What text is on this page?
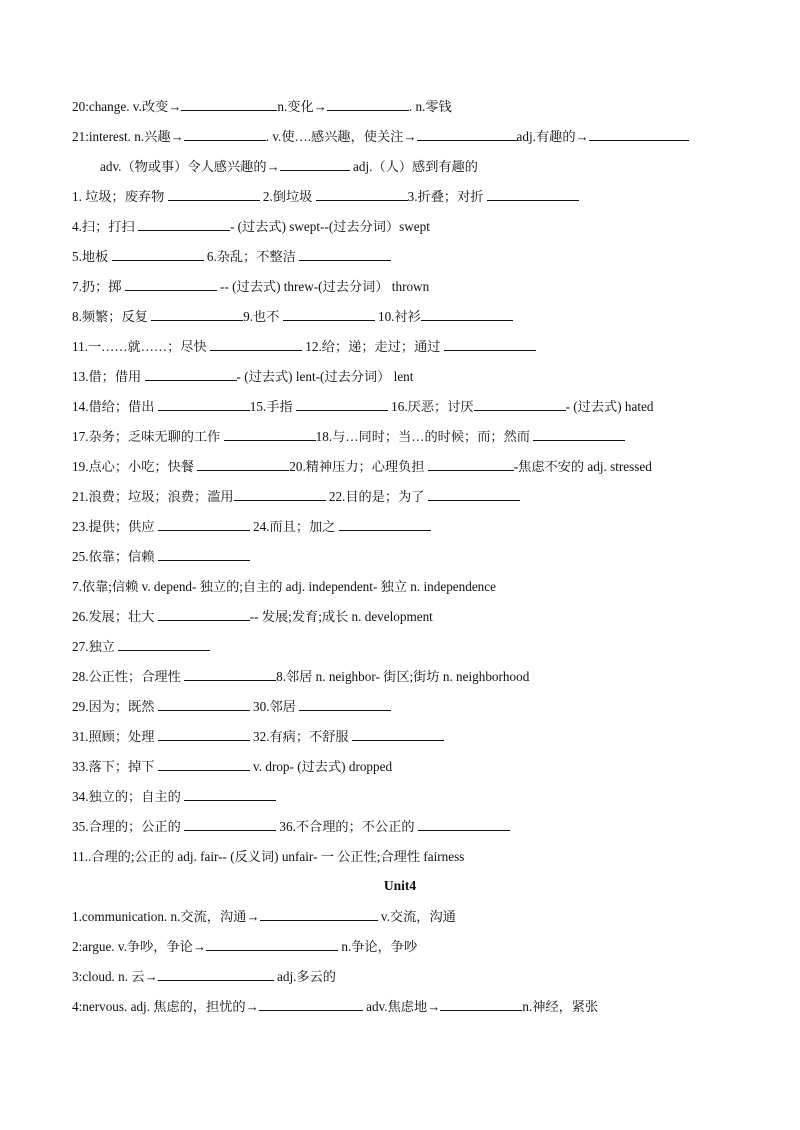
20:change. v.改变→	n.变化→	. n.零钱
21:interest. n.兴趣→	. v.使….感兴趣，使关注→	adj.有趣的→
adv.（物或事）令人感兴趣的→	adj.（人）感到有趣的
1. 垃圾；废弃物	2.倒垃圾	3.折叠；对折
4.扫；打扫	- (过去式) swept--(过去分词）swept
5.地板	6.杂乱；不整洁
7.扔；掷	-- (过去式) threw-(过去分词） thrown
8.频繁；反复	9.也不	10.衬衫
11.一……就……；尽快	12.给；递；走过；通过
13.借；借用	- (过去式) lent-(过去分词） lent
14.借给；借出	15.手指	16.厌恶；讨厌	- (过去式) hated
17.杂务；乏味无聊的工作	18.与…同时；当…的时候；而；然而
19.点心；小吃；快餐	20.精神压力；心理负担	-焦虑不安的 adj. stressed
21.浪费；垃圾；浪费；滥用	22.目的是；为了
23.提供；供应	24.而且；加之
25.依靠；信赖
7.依靠;信赖 v. depend- 独立的;自主的 adj. independent- 独立 n. independence
26.发展；壮大	-- 发展;发育;成长 n. development
27.独立
28.公正性；合理性	8.邻居 n. neighbor- 街区;街坊 n. neighborhood
29.因为；既然	30.邻居
31.照顾；处理	32.有病；不舒服
33.落下；掉下	v. drop- (过去式) dropped
34.独立的；自主的
35.合理的；公正的	36.不合理的；不公正的
11..合理的;公正的 adj. fair-- (反义词) unfair- 一 公正性;合理性 fairness
Unit4
1.communication. n.交流，沟通→	v.交流，沟通
2:argue. v.争吵，争论→	n.争论，争吵
3:cloud. n. 云→	adj.多云的
4:nervous. adj. 焦虑的，担忧的→	adv.焦虑地→	n.神经，紧张
